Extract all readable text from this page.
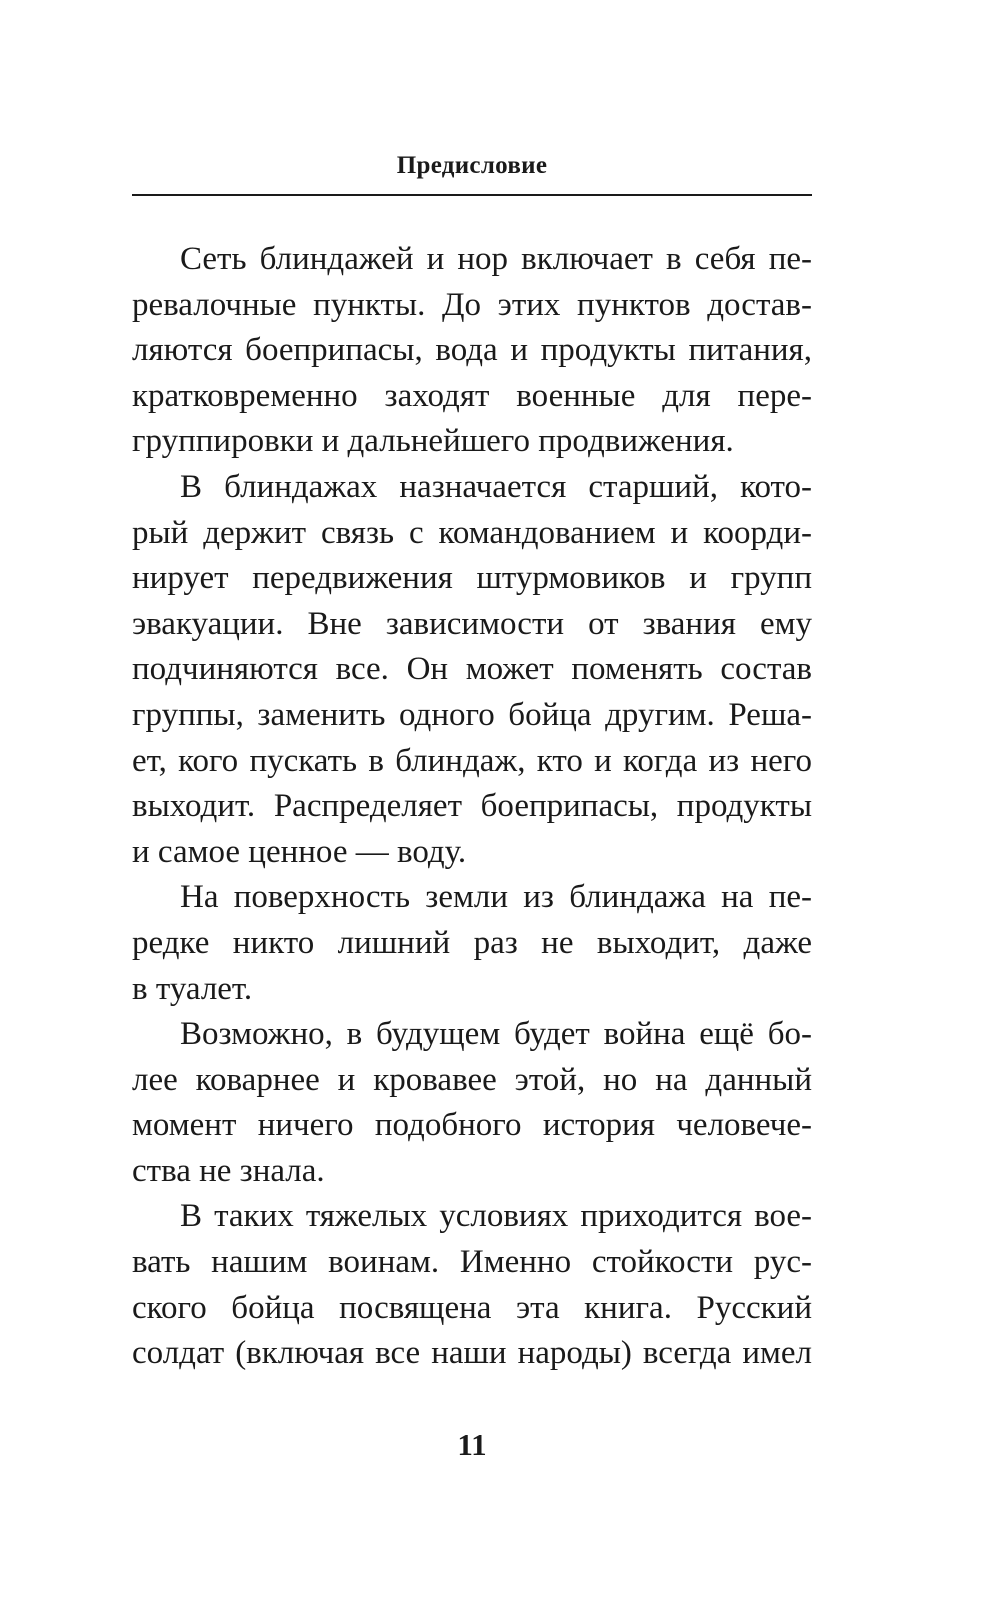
Предисловие
Сеть блиндажей и нор включает в себя пе-
ревалочные пункты. До этих пунктов достав-
ляются боеприпасы, вода и продукты питания,
кратковременно заходят военные для пере-
группировки и дальнейшего продвижения.
В блиндажах назначается старший, кото-
рый держит связь с командованием и коорди-
нирует передвижения штурмовиков и групп
эвакуации. Вне зависимости от звания ему
подчиняются все. Он может поменять состав
группы, заменить одного бойца другим. Реша-
ет, кого пускать в блиндаж, кто и когда из него
выходит. Распределяет боеприпасы, продукты
и самое ценное — воду.
На поверхность земли из блиндажа на пе-
редке никто лишний раз не выходит, даже
в туалет.
Возможно, в будущем будет война ещё бо-
лее коварнее и кровавее этой, но на данный
момент ничего подобного история человече-
ства не знала.
В таких тяжелых условиях приходится вое-
вать нашим воинам. Именно стойкости рус-
ского бойца посвящена эта книга. Русский
солдат (включая все наши народы) всегда имел
11
